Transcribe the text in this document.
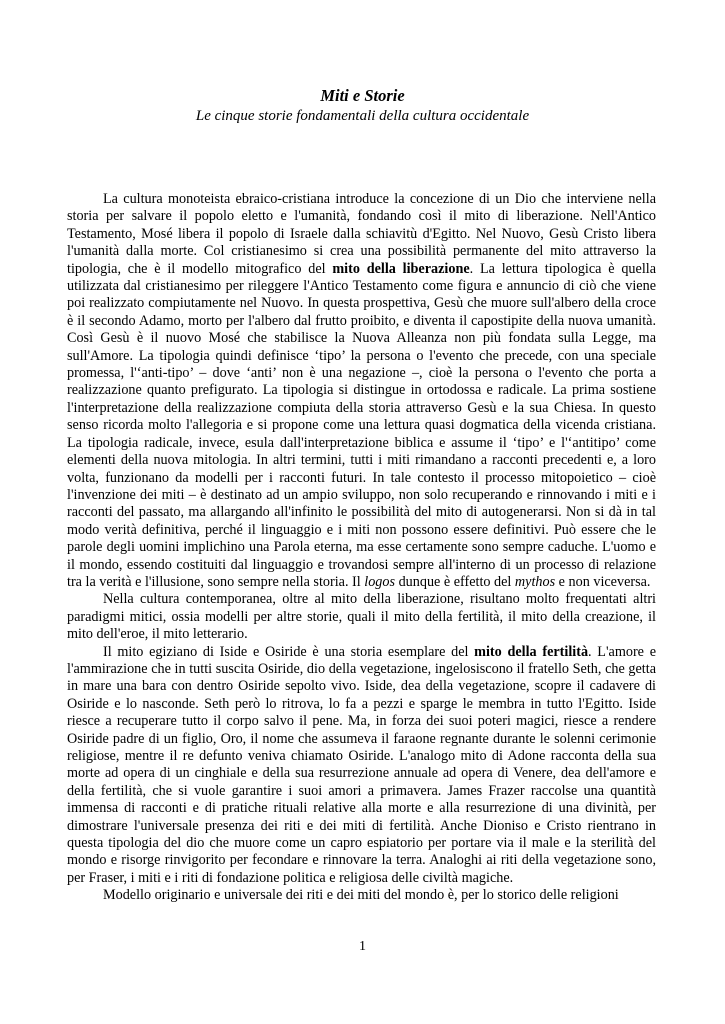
Miti e Storie
Le cinque storie fondamentali della cultura occidentale

La cultura monoteista ebraico-cristiana introduce la concezione di un Dio che interviene nella storia per salvare il popolo eletto e l'umanità, fondando così il mito di liberazione. Nell'Antico Testamento, Mosé libera il popolo di Israele dalla schiavitù d'Egitto. Nel Nuovo, Gesù Cristo libera l'umanità dalla morte. Col cristianesimo si crea una possibilità permanente del mito attraverso la tipologia, che è il modello mitografico del mito della liberazione. La lettura tipologica è quella utilizzata dal cristianesimo per rileggere l'Antico Testamento come figura e annuncio di ciò che viene poi realizzato compiutamente nel Nuovo. In questa prospettiva, Gesù che muore sull'albero della croce è il secondo Adamo, morto per l'albero dal frutto proibito, e diventa il capostipite della nuova umanità. Così Gesù è il nuovo Mosé che stabilisce la Nuova Alleanza non più fondata sulla Legge, ma sull'Amore. La tipologia quindi definisce ‘tipo’ la persona o l'evento che precede, con una speciale promessa, l'‘anti-tipo’ – dove ‘anti’ non è una negazione –, cioè la persona o l'evento che porta a realizzazione quanto prefigurato. La tipologia si distingue in ortodossa e radicale. La prima sostiene l'interpretazione della realizzazione compiuta della storia attraverso Gesù e la sua Chiesa. In questo senso ricorda molto l'allegoria e si propone come una lettura quasi dogmatica della vicenda cristiana. La tipologia radicale, invece, esula dall'interpretazione biblica e assume il ‘tipo’ e l'‘antitipo’ come elementi della nuova mitologia. In altri termini, tutti i miti rimandano a racconti precedenti e, a loro volta, funzionano da modelli per i racconti futuri. In tale contesto il processo mitopoietico – cioè l'invenzione dei miti – è destinato ad un ampio sviluppo, non solo recuperando e rinnovando i miti e i racconti del passato, ma allargando all'infinito le possibilità del mito di autogenerarsi. Non si dà in tal modo verità definitiva, perché il linguaggio e i miti non possono essere definitivi. Può essere che le parole degli uomini implichino una Parola eterna, ma esse certamente sono sempre caduche. L'uomo e il mondo, essendo costituiti dal linguaggio e trovandosi sempre all'interno di un processo di relazione tra la verità e l'illusione, sono sempre nella storia. Il logos dunque è effetto del mythos e non viceversa.

Nella cultura contemporanea, oltre al mito della liberazione, risultano molto frequentati altri paradigmi mitici, ossia modelli per altre storie, quali il mito della fertilità, il mito della creazione, il mito dell'eroe, il mito letterario.

Il mito egiziano di Iside e Osiride è una storia esemplare del mito della fertilità. L'amore e l'ammirazione che in tutti suscita Osiride, dio della vegetazione, ingelosiscono il fratello Seth, che getta in mare una bara con dentro Osiride sepolto vivo. Iside, dea della vegetazione, scopre il cadavere di Osiride e lo nasconde. Seth però lo ritrova, lo fa a pezzi e sparge le membra in tutto l'Egitto. Iside riesce a recuperare tutto il corpo salvo il pene. Ma, in forza dei suoi poteri magici, riesce a rendere Osiride padre di un figlio, Oro, il nome che assumeva il faraone regnante durante le solenni cerimonie religiose, mentre il re defunto veniva chiamato Osiride. L'analogo mito di Adone racconta della sua morte ad opera di un cinghiale e della sua resurrezione annuale ad opera di Venere, dea dell'amore e della fertilità, che si vuole garantire i suoi amori a primavera. James Frazer raccolse una quantità immensa di racconti e di pratiche rituali relative alla morte e alla resurrezione di una divinità, per dimostrare l'universale presenza dei riti e dei miti di fertilità. Anche Dioniso e Cristo rientrano in questa tipologia del dio che muore come un capro espiatorio per portare via il male e la sterilità del mondo e risorge rinvigorito per fecondare e rinnovare la terra. Analoghi ai riti della vegetazione sono, per Fraser, i miti e i riti di fondazione politica e religiosa delle civiltà magiche.

Modello originario e universale dei riti e dei miti del mondo è, per lo storico delle religioni

1
